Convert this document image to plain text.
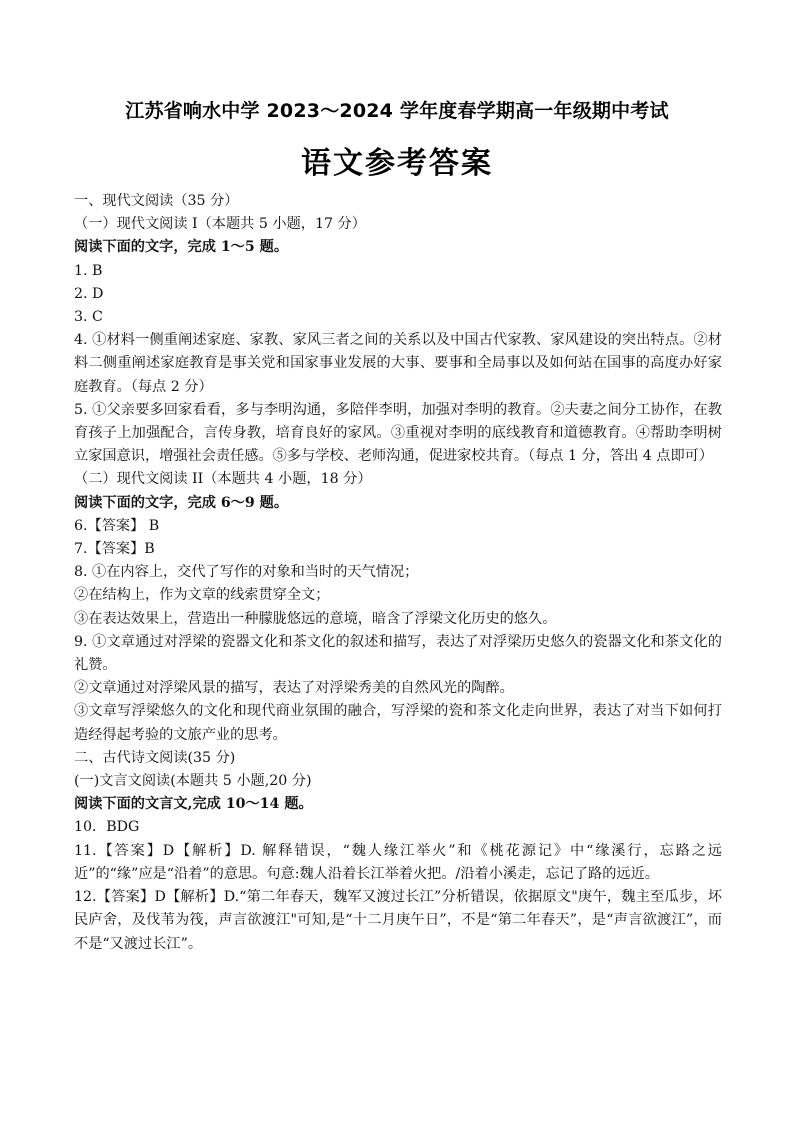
江苏省响水中学 2023～2024 学年度春学期高一年级期中考试
语文参考答案

一、现代文阅读（35 分）

（一）现代文阅读 I（本题共 5 小题，17 分）

阅读下面的文字，完成 1～5 题。

1. B

2. D

3. C

4. ①材料一侧重阐述家庭、家教、家风三者之间的关系以及中国古代家教、家风建设的突出特点。②材料二侧重阐述家庭教育是事关党和国家事业发展的大事、要事和全局事以及如何站在国事的高度办好家庭教育。（每点 2 分）

5. ①父亲要多回家看看，多与李明沟通，多陪伴李明，加强对李明的教育。②夫妻之间分工协作，在教育孩子上加强配合，言传身教，培育良好的家风。③重视对李明的底线教育和道德教育。④帮助李明树立家国意识，增强社会责任感。⑤多与学校、老师沟通，促进家校共育。（每点 1 分，答出 4 点即可）

（二）现代文阅读 II（本题共 4 小题，18 分）

阅读下面的文字，完成 6～9 题。

6.【答案】 B

7.【答案】B

8. ①在内容上，交代了写作的对象和当时的天气情况；

②在结构上，作为文章的线索贯穿全文；

③在表达效果上，营造出一种朦胧悠远的意境，暗含了浮梁文化历史的悠久。

9. ①文章通过对浮梁的瓷器文化和茶文化的叙述和描写，表达了对浮梁历史悠久的瓷器文化和茶文化的礼赞。

②文章通过对浮梁风景的描写，表达了对浮梁秀美的自然风光的陶醉。

③文章写浮梁悠久的文化和现代商业氛围的融合，写浮梁的瓷和茶文化走向世界，表达了对当下如何打造经得起考验的文旅产业的思考。

二、古代诗文阅读(35 分)

(一)文言文阅读(本题共 5 小题,20 分)

阅读下面的文言文,完成 10～14 题。

10．BDG

11.【答案】D【解析】D. 解释错误，“魏人缘江举火”和《桃花源记》中“缘溪行，忘路之远近”的“缘”应是“沿着”的意思。句意:魏人沿着长江举着火把。/沿着小溪走，忘记了路的远近。

12.【答案】D【解析】D.“第二年春天，魏军又渡过长江”分析错误，依据原文"庚午，魏主至瓜步，坏民庐舍，及伐苇为筏，声言欲渡江"可知,是“十二月庚午日”，不是“第二年春天”，是“声言欲渡江”，而不是“又渡过长江”。
